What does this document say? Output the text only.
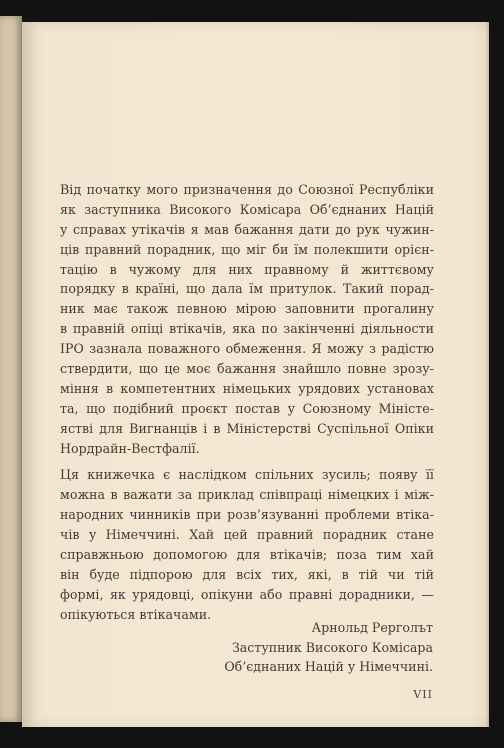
Від початку мого призначення до Союзної Республіки
як заступника Високого Комісара Об’єднаних Націй
у справах утікачів я мав бажання дати до рук чужин-
ців правний порадник, що міг би їм полекшити орієн-
тацію в чужому для них правному й життєвому
порядку в країні, що дала їм притулок. Такий порад-
ник має також певною мірою заповнити прогалину
в правній опіці втікачів, яка по закінченні діяльности
ІРО зазнала поважного обмеження. Я можу з радістю
ствердити, що це моє бажання знайшло повне зрозу-
міння в компетентних німецьких урядових установах
та, що подібний проєкт постав у Союзному Міністе-
ястві для Вигнанців і в Міністерстві Суспільної Опіки
Нордрайн-Вестфалії.
Ця книжечка є наслідком спільних зусиль; появу її
можна в важати за приклад співпраці німецких і між-
народних чинників при розв’язуванні проблеми втіка-
чів у Німеччині. Хай цей правний порадник стане
справжньою допомогою для втікачів; поза тим хай
він буде підпорою для всіх тих, які, в тій чи тій
формі, як урядовці, опікуни або правні дорадники, —
опікуються втікачами.
Арнольд Рерголът
Заступник Високого Комісара
Об’єднаних Націй у Німеччині.
VII
